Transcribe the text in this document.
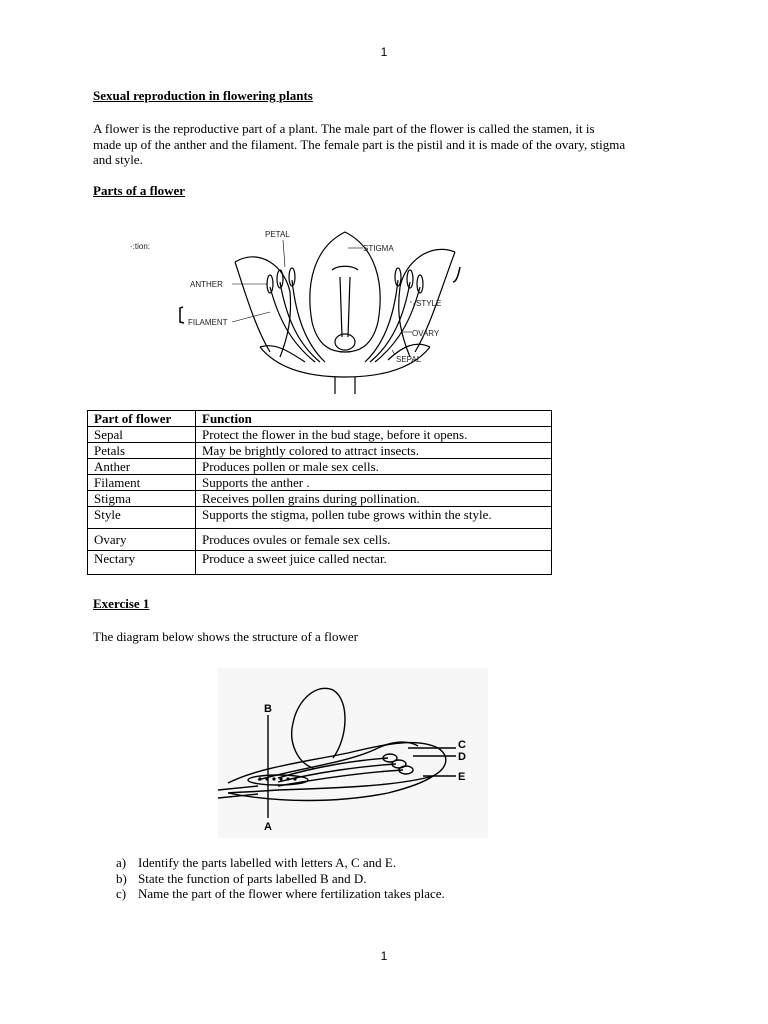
1
Sexual reproduction in flowering plants
A flower is the reproductive part of a plant. The male part of the flower is called the stamen, it is
made up of the anther and the filament. The female part is the pistil and it is made of the ovary, stigma
and style.
Parts of a flower
PETAL
STIGMA
ANTHER
FILAMENT
STYLE
OVARY
SEPAL
·:tion:
Part of flower	Function
Sepal	Protect the flower in the bud stage, before it opens.
Petals	May be brightly colored to attract insects.
Anther	Produces pollen or male sex cells.
Filament	Supports the anther .
Stigma	Receives pollen grains during pollination.
Style	Supports the stigma, pollen tube grows within the style.
Ovary	Produces ovules or female sex cells.
Nectary	Produce a sweet juice called nectar.
Exercise 1
The diagram below shows the structure of a flower
B
A
C
D
E
a) Identify the parts labelled with letters A, C and E.
b) State the function of parts labelled B and D.
c) Name the part of the flower where fertilization takes place.
1
